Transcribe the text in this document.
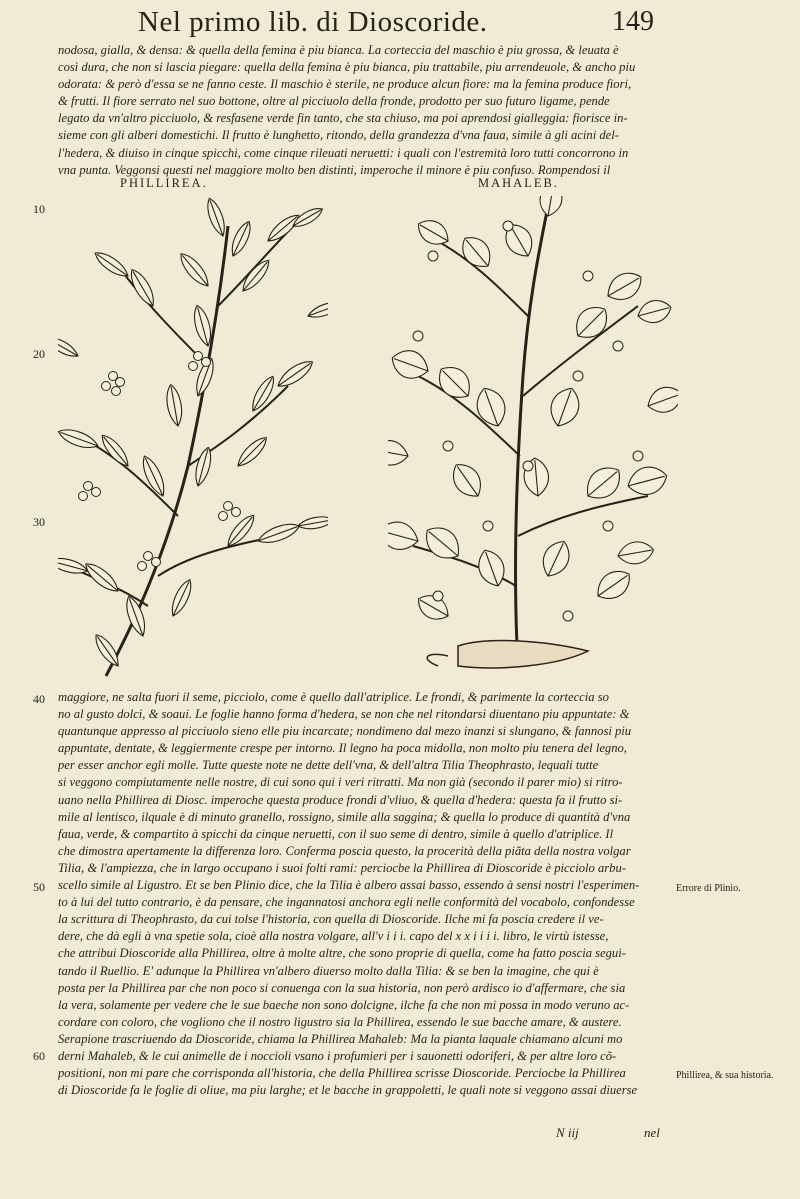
Nel primo lib. di Dioscoride.	149
nodosa, gialla, & densa: & quella della femina è piu bianca. La corteccia del maschio è piu grossa, & leuata è
così dura, che non si lascia piegare: quella della femina è piu bianca, piu trattabile, piu arrendeuole, & ancho piu
odorata: & però d'essa se ne fanno ceste. Il maschio è sterile, ne produce alcun fiore: ma la femina produce fiori,
& frutti. Il fiore serrato nel suo bottone, oltre al picciuolo della fronde, prodotto per suo futuro ligame, pende
legato da vn'altro picciuolo, & resfasene verde fin tanto, che sta chiuso, ma poi aprendosi gialleggia: fiorisce in-
sieme con gli alberi domestichi. Il frutto è lunghetto, ritondo, della grandezza d'vna faua, simile à gli acini del-
l'hedera, & diuiso in cinque spicchi, come cinque rileuati neruetti: i quali con l'estremità loro tutti concorrono in
vna punta. Veggonsi questi nel maggiore molto ben distinti, imperoche il minore è piu confuso. Rompendosi il
PHILLIREA.	MAHALEB.
10
20
30
40
50
60
maggiore, ne salta fuori il seme, picciolo, come è quello dall'atriplice. Le frondi, & parimente la corteccia so
no al gusto dolci, & soaui. Le foglie hanno forma d'hedera, se non che nel ritondarsi diuentano piu appuntate: &
quantunque appresso al picciuolo sieno elle piu incarcate; nondimeno dal mezo inanzi si slungano, & fannosi piu
appuntate, dentate, & leggiermente crespe per intorno. Il legno ha poca midolla, non molto piu tenera del legno,
per esser anchor egli molle. Tutte queste note ne dette dell'vna, & dell'altra Tilia Theophrasto, lequali tutte
si veggono compiutamente nelle nostre, di cui sono qui i veri ritratti. Ma non già (secondo il parer mio) si ritro-
uano nella Phillirea di Diosc. imperoche questa produce frondi d'vliuo, & quella d'hedera: questa fa il frutto si-
mile al lentisco, ilquale è di minuto granello, rossigno, simile alla saggina; & quella lo produce di quantità d'vna
faua, verde, & compartito à spicchi da cinque neruetti, con il suo seme di dentro, simile à quello d'atriplice. Il
che dimostra apertamente la differenza loro. Conferma poscia questo, la procerità della piãta della nostra volgar
Tilia, & l'ampiezza, che in largo occupano i suoi folti rami: perciocbe la Phillirea di Dioscoride è picciolo arbu-
scello simile al Ligustro. Et se ben Plinio dice, che la Tilia è albero assai basso, essendo à sensi nostri l'esperimen-
to à lui del tutto contrario, è da pensare, che ingannatosi anchora egli nelle conformità del vocabolo, confondesse
la scrittura di Theophrasto, da cui tolse l'historia, con quella di Dioscoride. Ilche mi fa poscia credere il ve-
dere, che dà egli à vna spetie sola, cioè alla nostra volgare, all'v i i i. capo del x x i i i i. libro, le virtù istesse,
che attribui Dioscoride alla Phillirea, oltre à molte altre, che sono proprie di quella, come ha fatto poscia segui-
tando il Ruellio. E' adunque la Phillirea vn'albero diuerso molto dalla Tilia: & se ben la imagine, che qui è
posta per la Phillirea par che non poco si conuenga con la sua historia, non però ardisco io d'affermare, che sia
la vera, solamente per vedere che le sue baeche non sono dolcigne, ilche fa che non mi possa in modo veruno ac-
cordare con coloro, che vogliono che il nostro ligustro sia la Phillirea, essendo le sue bacche amare, & austere.
Serapione trascriuendo da Dioscoride, chiama la Phillirea Mahaleb: Ma la pianta laquale chiamano alcuni mo
derni Mahaleb, & le cui animelle de i noccioli vsano i profumieri per i sauonetti odoriferi, & per altre loro cõ-
positioni, non mi pare che corrisponda all'historia, che della Phillirea scrisse Dioscoride. Perciocbe la Phillirea
di Dioscoride fa le foglie di oliue, ma piu larghe; et le bacche in grappoletti, le quali note si veggono assai diuerse
Errore di Plinio.
Phillirea, & sua historia.
N iij	nel
